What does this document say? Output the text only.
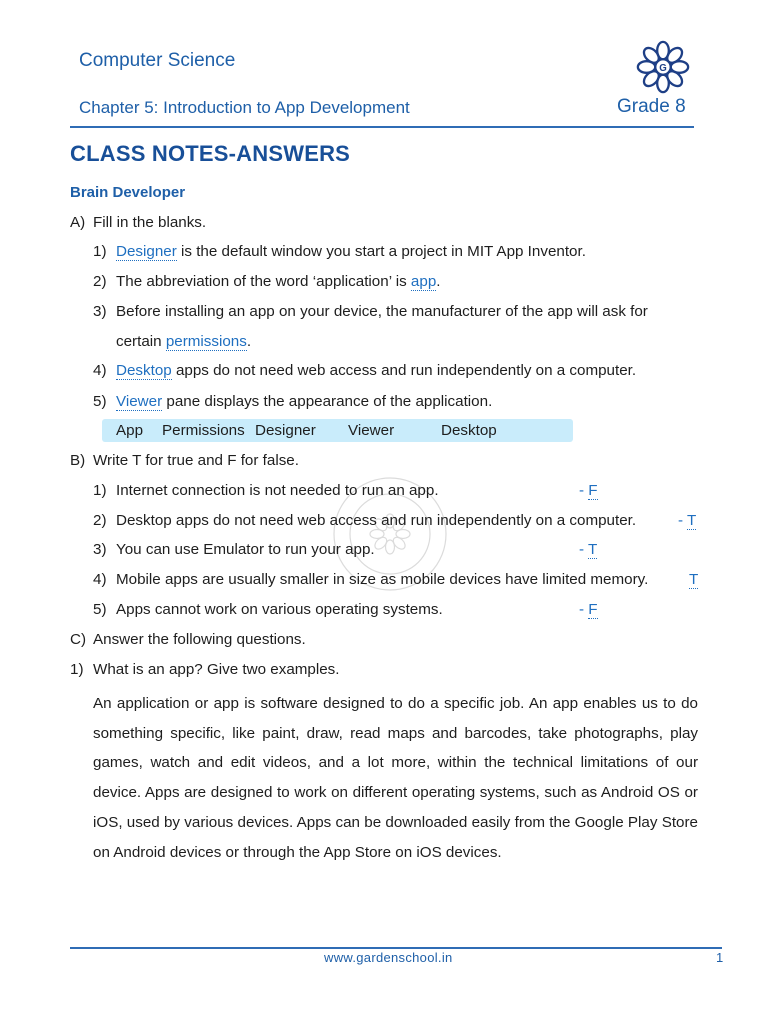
Computer Science
Chapter 5: Introduction to App Development	Grade 8
G
CLASS NOTES-ANSWERS
Brain Developer
A) Fill in the blanks.
1) Designer is the default window you start a project in MIT App Inventor.
2) The abbreviation of the word ‘application’ is app.
3) Before installing an app on your device, the manufacturer of the app will ask for
certain permissions.
4) Desktop apps do not need web access and run independently on a computer.
5) Viewer pane displays the appearance of the application.
App Permissions Designer Viewer	Desktop
B) Write T for true and F for false.
1) Internet connection is not needed to run an app.	- F
2) Desktop apps do not need web access and run independently on a computer.	- T
3) You can use Emulator to run your app.	- T
4) Mobile apps are usually smaller in size as mobile devices have limited memory.	T
5) Apps cannot work on various operating systems.	- F
C) Answer the following questions.
1) What is an app? Give two examples.
An application or app is software designed to do a specific job. An app enables us to do something specific, like paint, draw, read maps and barcodes, take photographs, play games, watch and edit videos, and a lot more, within the technical limitations of our device. Apps are designed to work on different operating systems, such as Android OS or iOS, used by various devices. Apps can be downloaded easily from the Google Play Store on Android devices or through the App Store on iOS devices.
www.gardenschool.in	1
